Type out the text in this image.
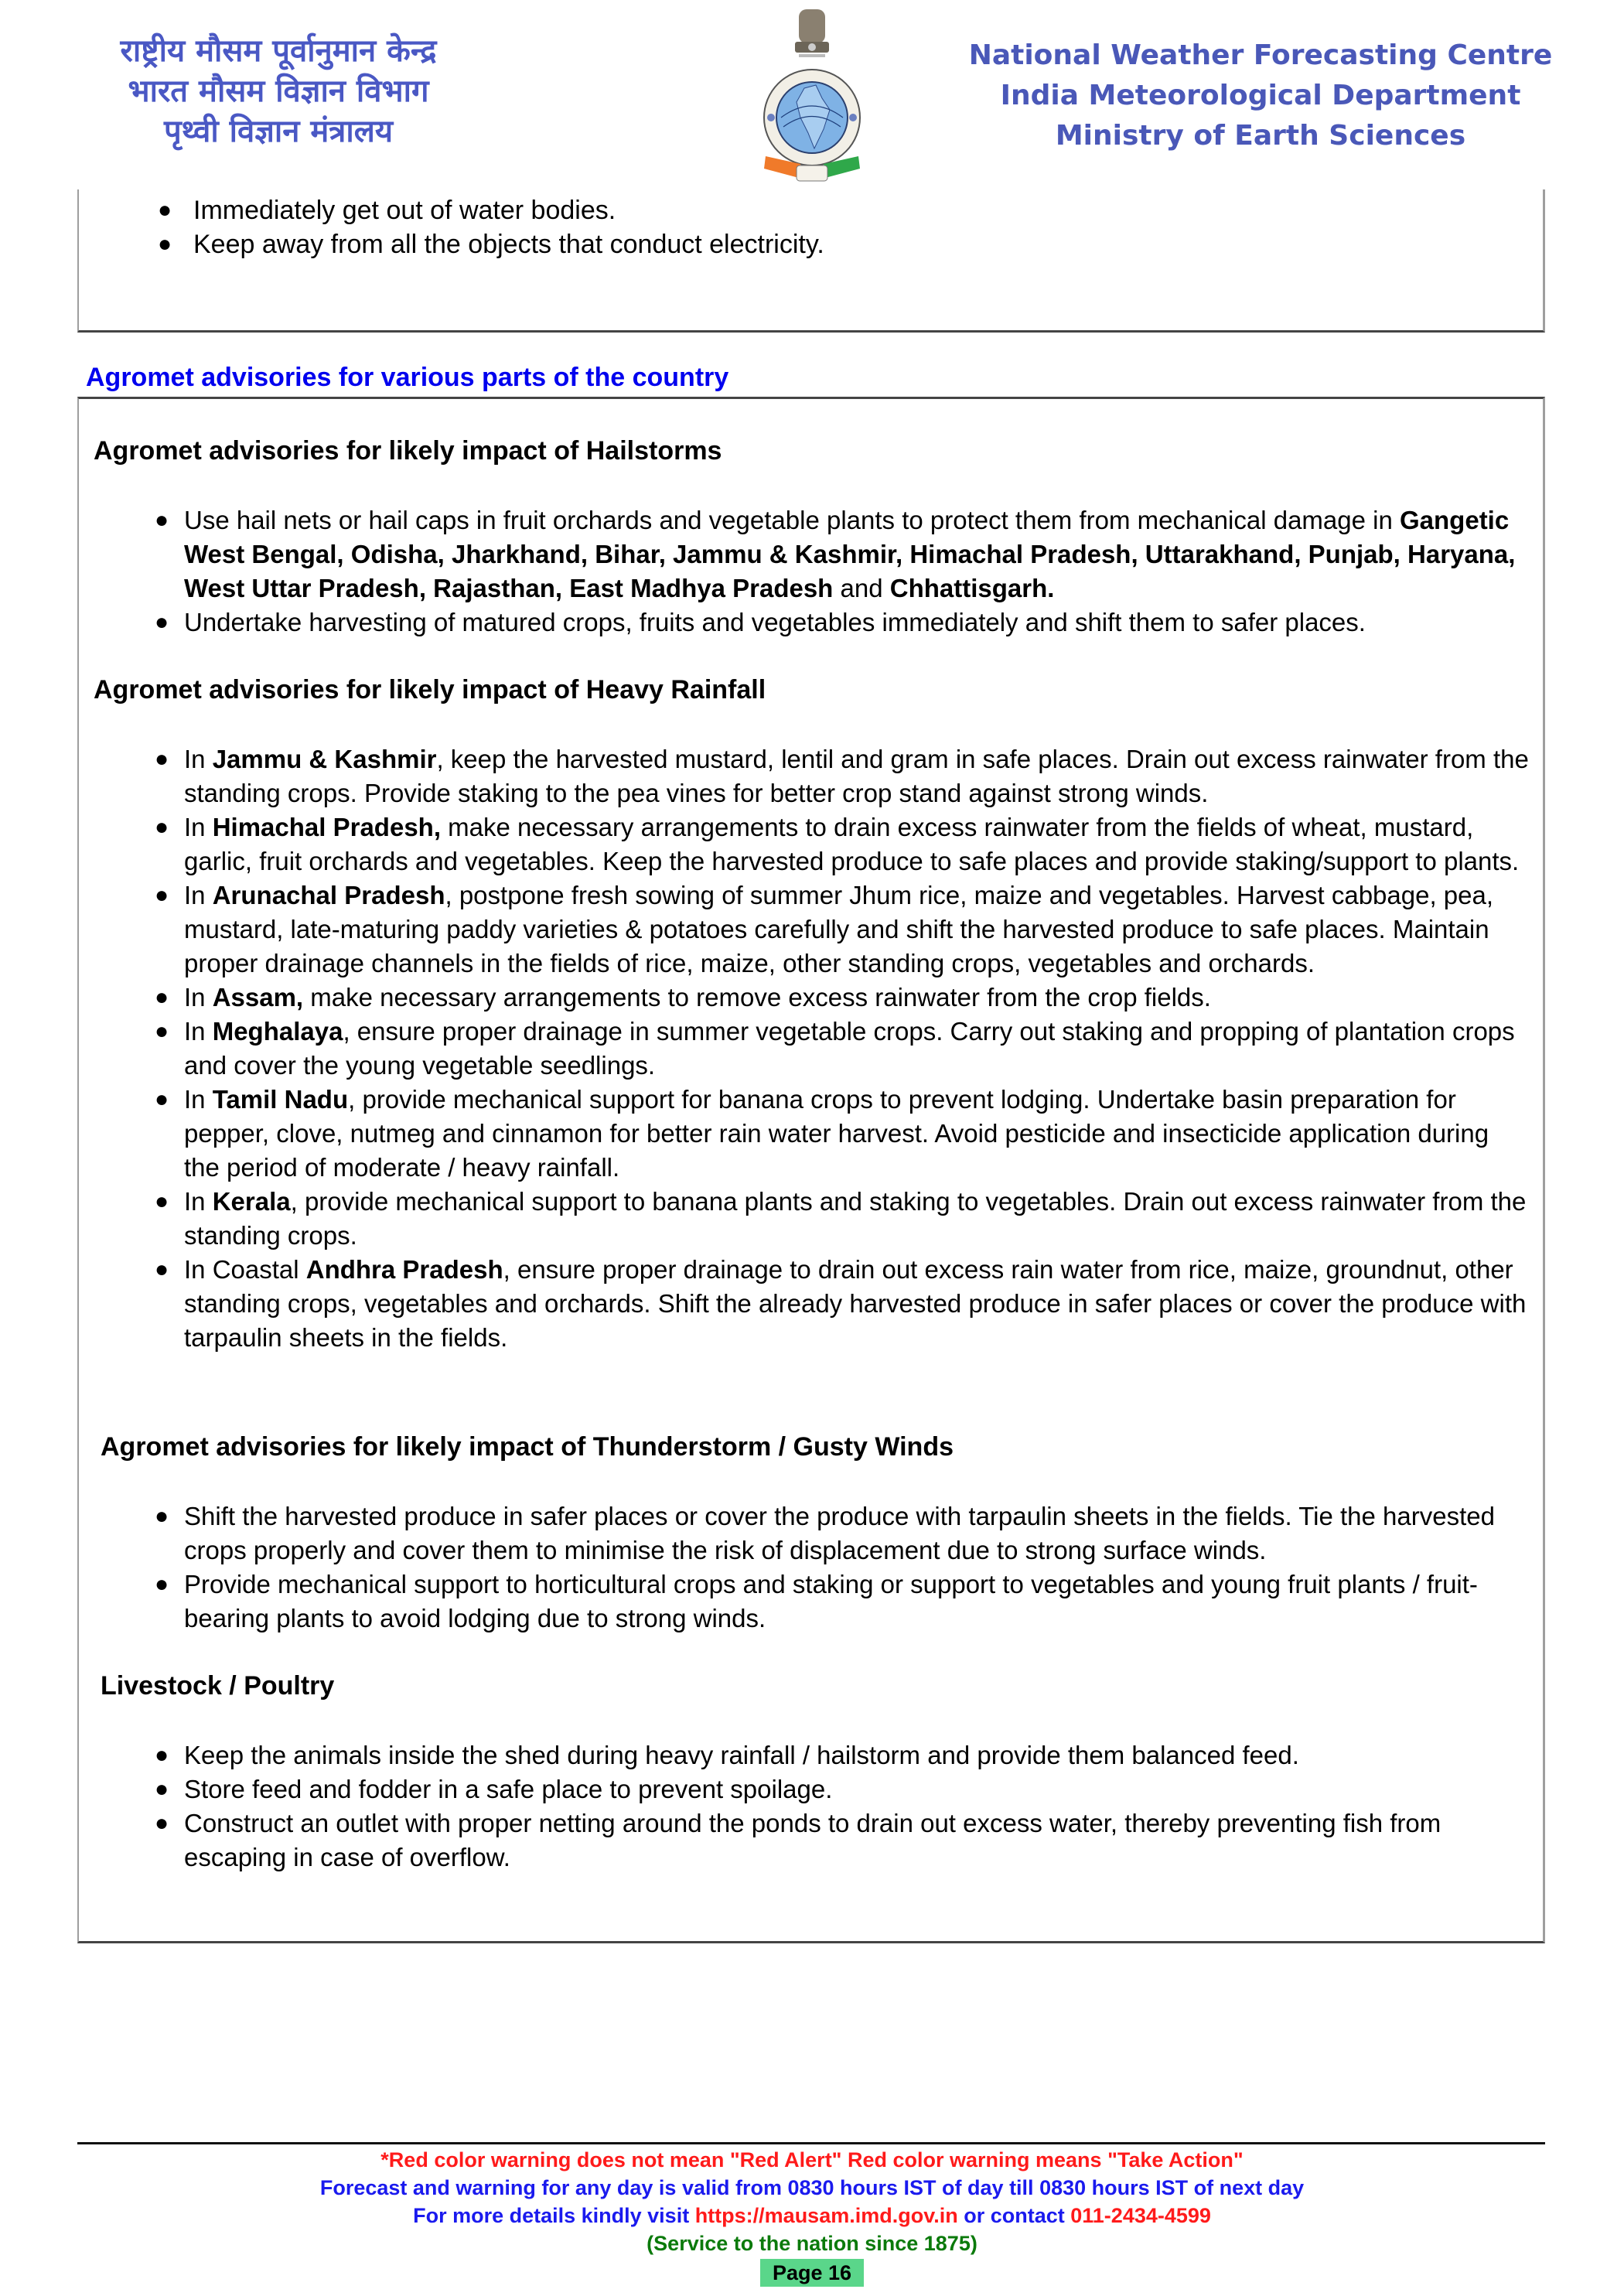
राष्ट्रीय मौसम पूर्वानुमान केन्द्र
भारत मौसम विज्ञान विभाग
पृथ्वी विज्ञान मंत्रालय
National Weather Forecasting Centre
India Meteorological Department
Ministry of Earth Sciences
● Immediately get out of water bodies.
● Keep away from all the objects that conduct electricity.
Agromet advisories for various parts of the country
Agromet advisories for likely impact of Hailstorms
● Use hail nets or hail caps in fruit orchards and vegetable plants to protect them from mechanical damage in Gangetic West Bengal, Odisha, Jharkhand, Bihar, Jammu & Kashmir, Himachal Pradesh, Uttarakhand, Punjab, Haryana, West Uttar Pradesh, Rajasthan, East Madhya Pradesh and Chhattisgarh.
● Undertake harvesting of matured crops, fruits and vegetables immediately and shift them to safer places.
Agromet advisories for likely impact of Heavy Rainfall
● In Jammu & Kashmir, keep the harvested mustard, lentil and gram in safe places. Drain out excess rainwater from the standing crops. Provide staking to the pea vines for better crop stand against strong winds.
● In Himachal Pradesh, make necessary arrangements to drain excess rainwater from the fields of wheat, mustard, garlic, fruit orchards and vegetables. Keep the harvested produce to safe places and provide staking/support to plants.
● In Arunachal Pradesh, postpone fresh sowing of summer Jhum rice, maize and vegetables. Harvest cabbage, pea, mustard, late-maturing paddy varieties & potatoes carefully and shift the harvested produce to safe places. Maintain proper drainage channels in the fields of rice, maize, other standing crops, vegetables and orchards.
● In Assam, make necessary arrangements to remove excess rainwater from the crop fields.
● In Meghalaya, ensure proper drainage in summer vegetable crops. Carry out staking and propping of plantation crops and cover the young vegetable seedlings.
● In Tamil Nadu, provide mechanical support for banana crops to prevent lodging. Undertake basin preparation for pepper, clove, nutmeg and cinnamon for better rain water harvest. Avoid pesticide and insecticide application during the period of moderate / heavy rainfall.
● In Kerala, provide mechanical support to banana plants and staking to vegetables. Drain out excess rainwater from the standing crops.
● In Coastal Andhra Pradesh, ensure proper drainage to drain out excess rain water from rice, maize, groundnut, other standing crops, vegetables and orchards. Shift the already harvested produce in safer places or cover the produce with tarpaulin sheets in the fields.
Agromet advisories for likely impact of Thunderstorm / Gusty Winds
● Shift the harvested produce in safer places or cover the produce with tarpaulin sheets in the fields. Tie the harvested crops properly and cover them to minimise the risk of displacement due to strong surface winds.
● Provide mechanical support to horticultural crops and staking or support to vegetables and young fruit plants / fruit-bearing plants to avoid lodging due to strong winds.
Livestock / Poultry
● Keep the animals inside the shed during heavy rainfall / hailstorm and provide them balanced feed.
● Store feed and fodder in a safe place to prevent spoilage.
● Construct an outlet with proper netting around the ponds to drain out excess water, thereby preventing fish from escaping in case of overflow.
*Red color warning does not mean "Red Alert" Red color warning means "Take Action"
Forecast and warning for any day is valid from 0830 hours IST of day till 0830 hours IST of next day
For more details kindly visit https://mausam.imd.gov.in or contact 011-2434-4599
(Service to the nation since 1875)
Page 16
